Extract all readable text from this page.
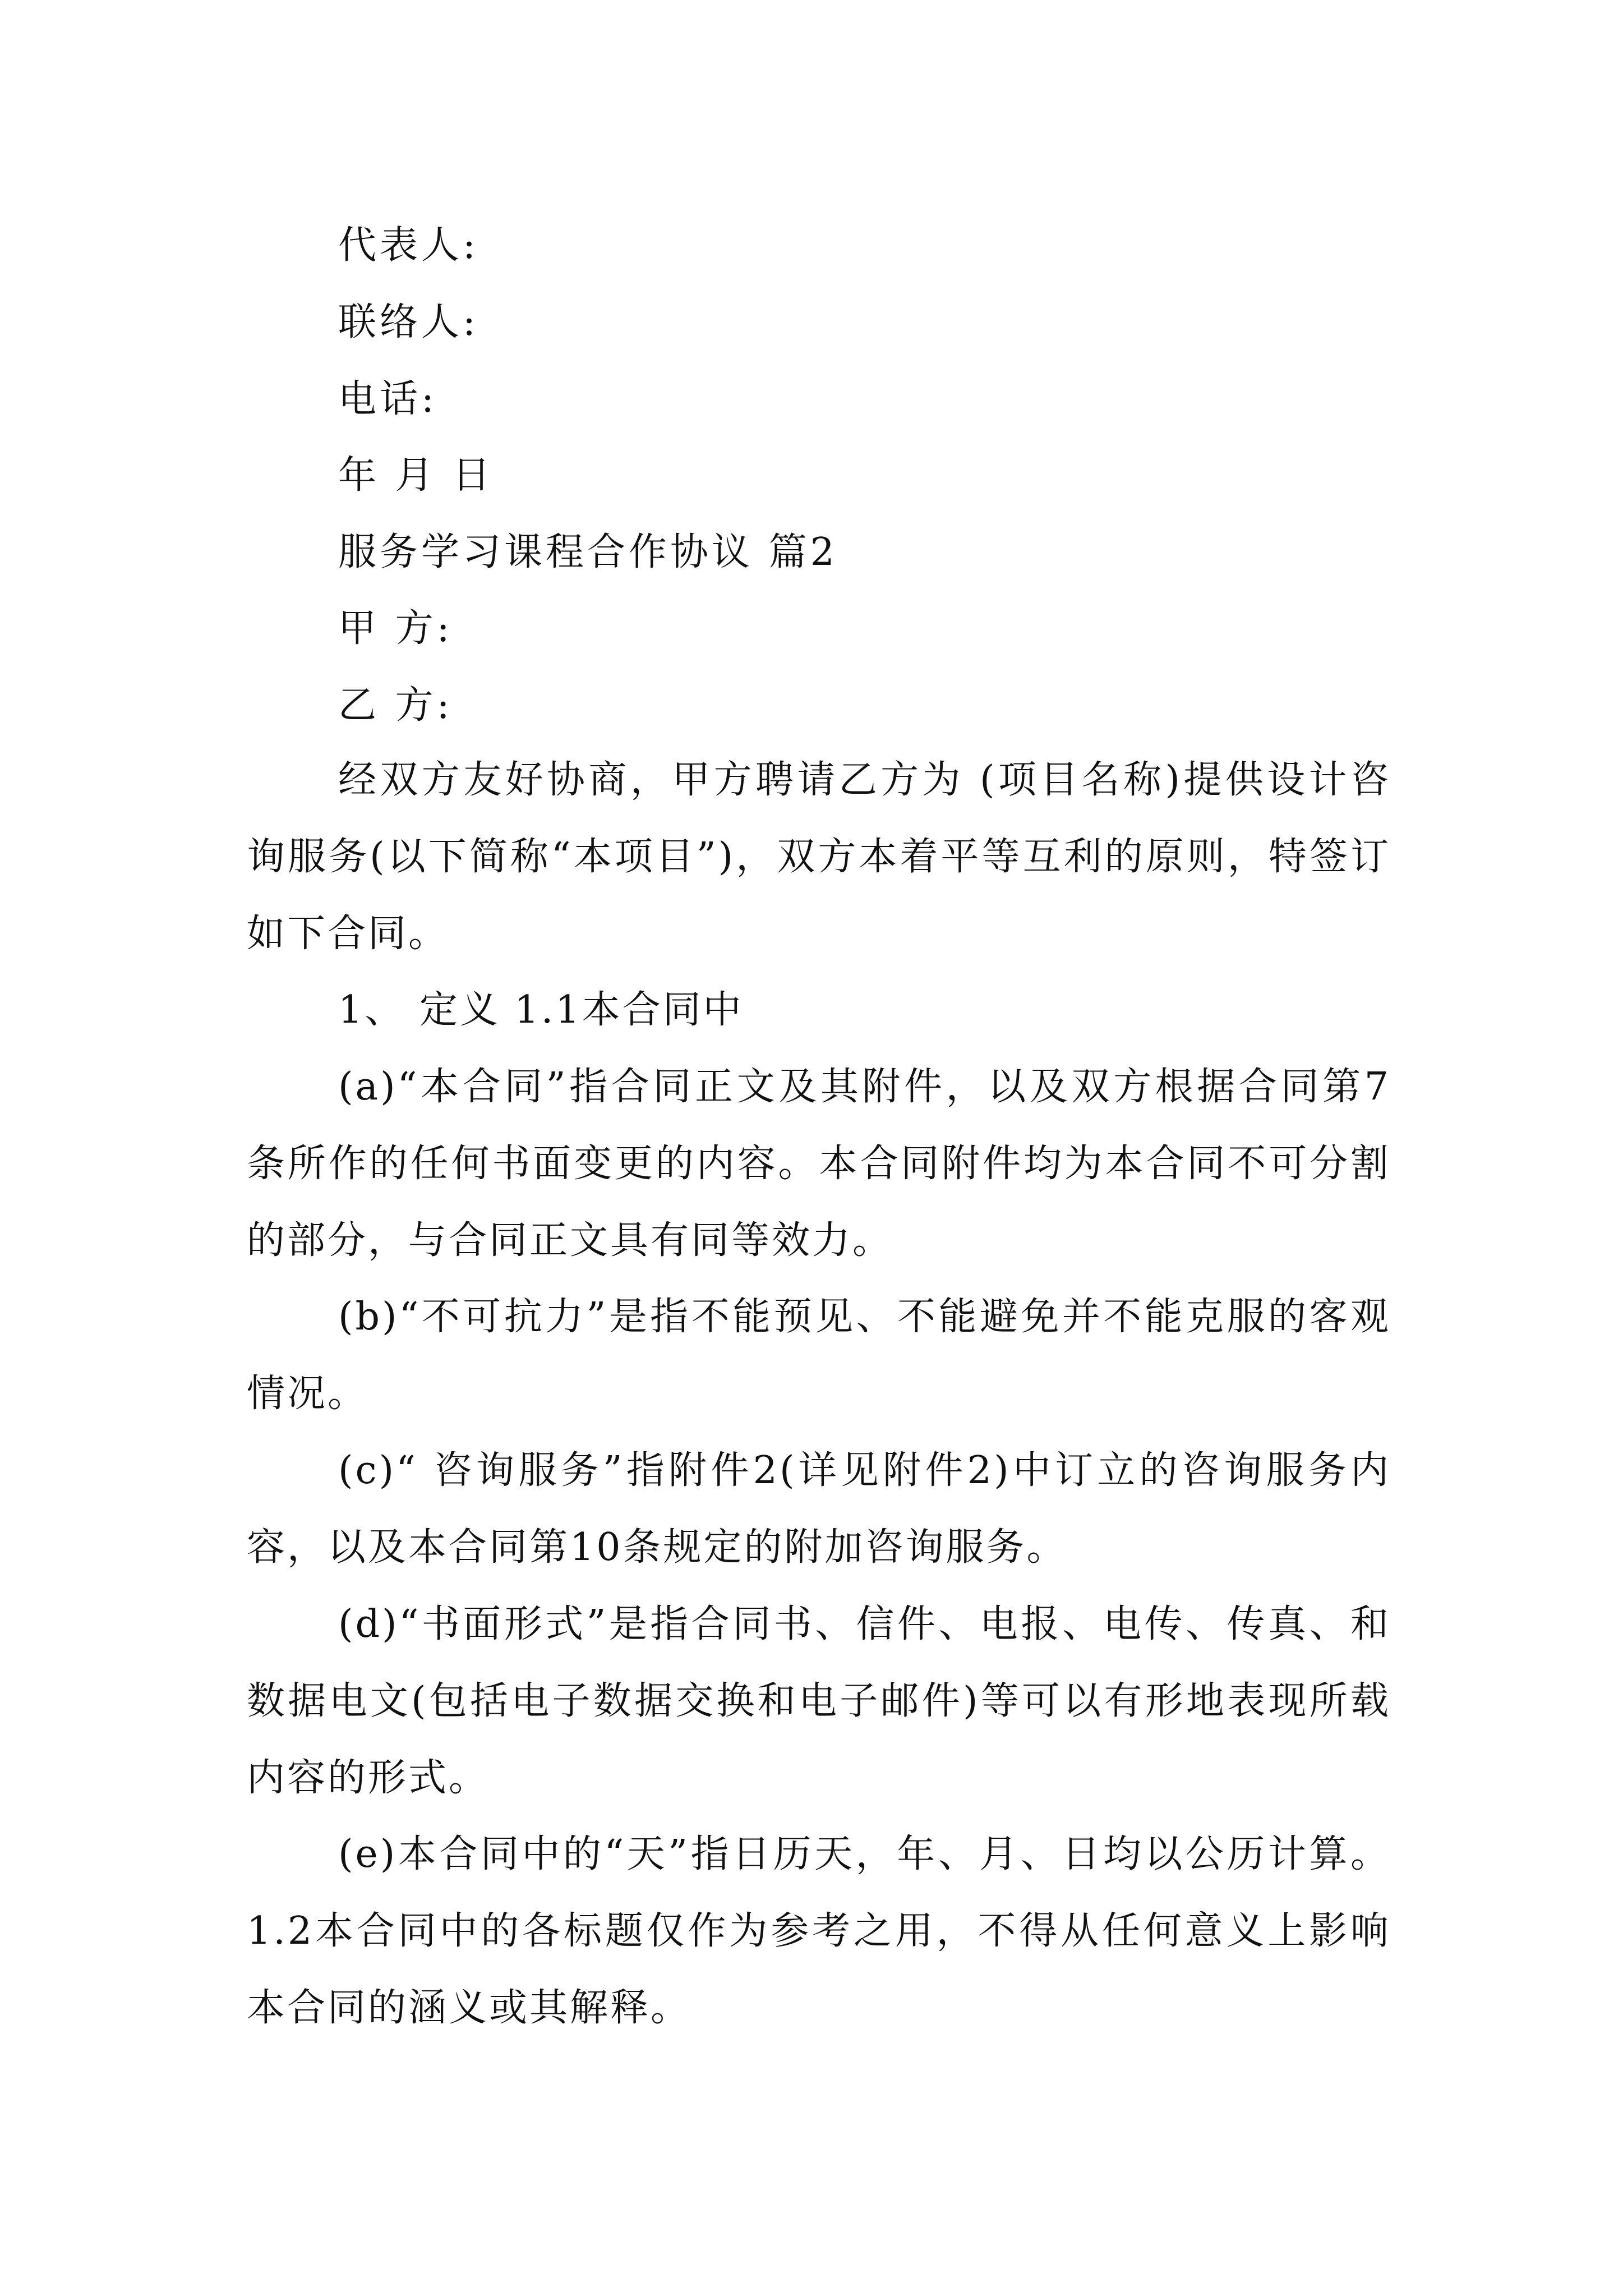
代表人:
联络人:
电话:
年 月 日
服务学习课程合作协议 篇2
甲 方:
乙 方:
经双方友好协商，甲方聘请乙方为 (项目名称)提供设计咨询服务(以下简称“本项目”)，双方本着平等互利的原则，特签订如下合同。
1、 定义 1.1本合同中
(a)“本合同”指合同正文及其附件，以及双方根据合同第7条所作的任何书面变更的内容。本合同附件均为本合同不可分割的部分，与合同正文具有同等效力。
(b)“不可抗力”是指不能预见、不能避免并不能克服的客观情况。
(c)“ 咨询服务”指附件2(详见附件2)中订立的咨询服务内容，以及本合同第10条规定的附加咨询服务。
(d)“书面形式”是指合同书、信件、电报、电传、传真、和数据电文(包括电子数据交换和电子邮件)等可以有形地表现所载内容的形式。
(e)本合同中的“天”指日历天，年、月、日均以公历计算。 1.2本合同中的各标题仅作为参考之用，不得从任何意义上影响本合同的涵义或其解释。
